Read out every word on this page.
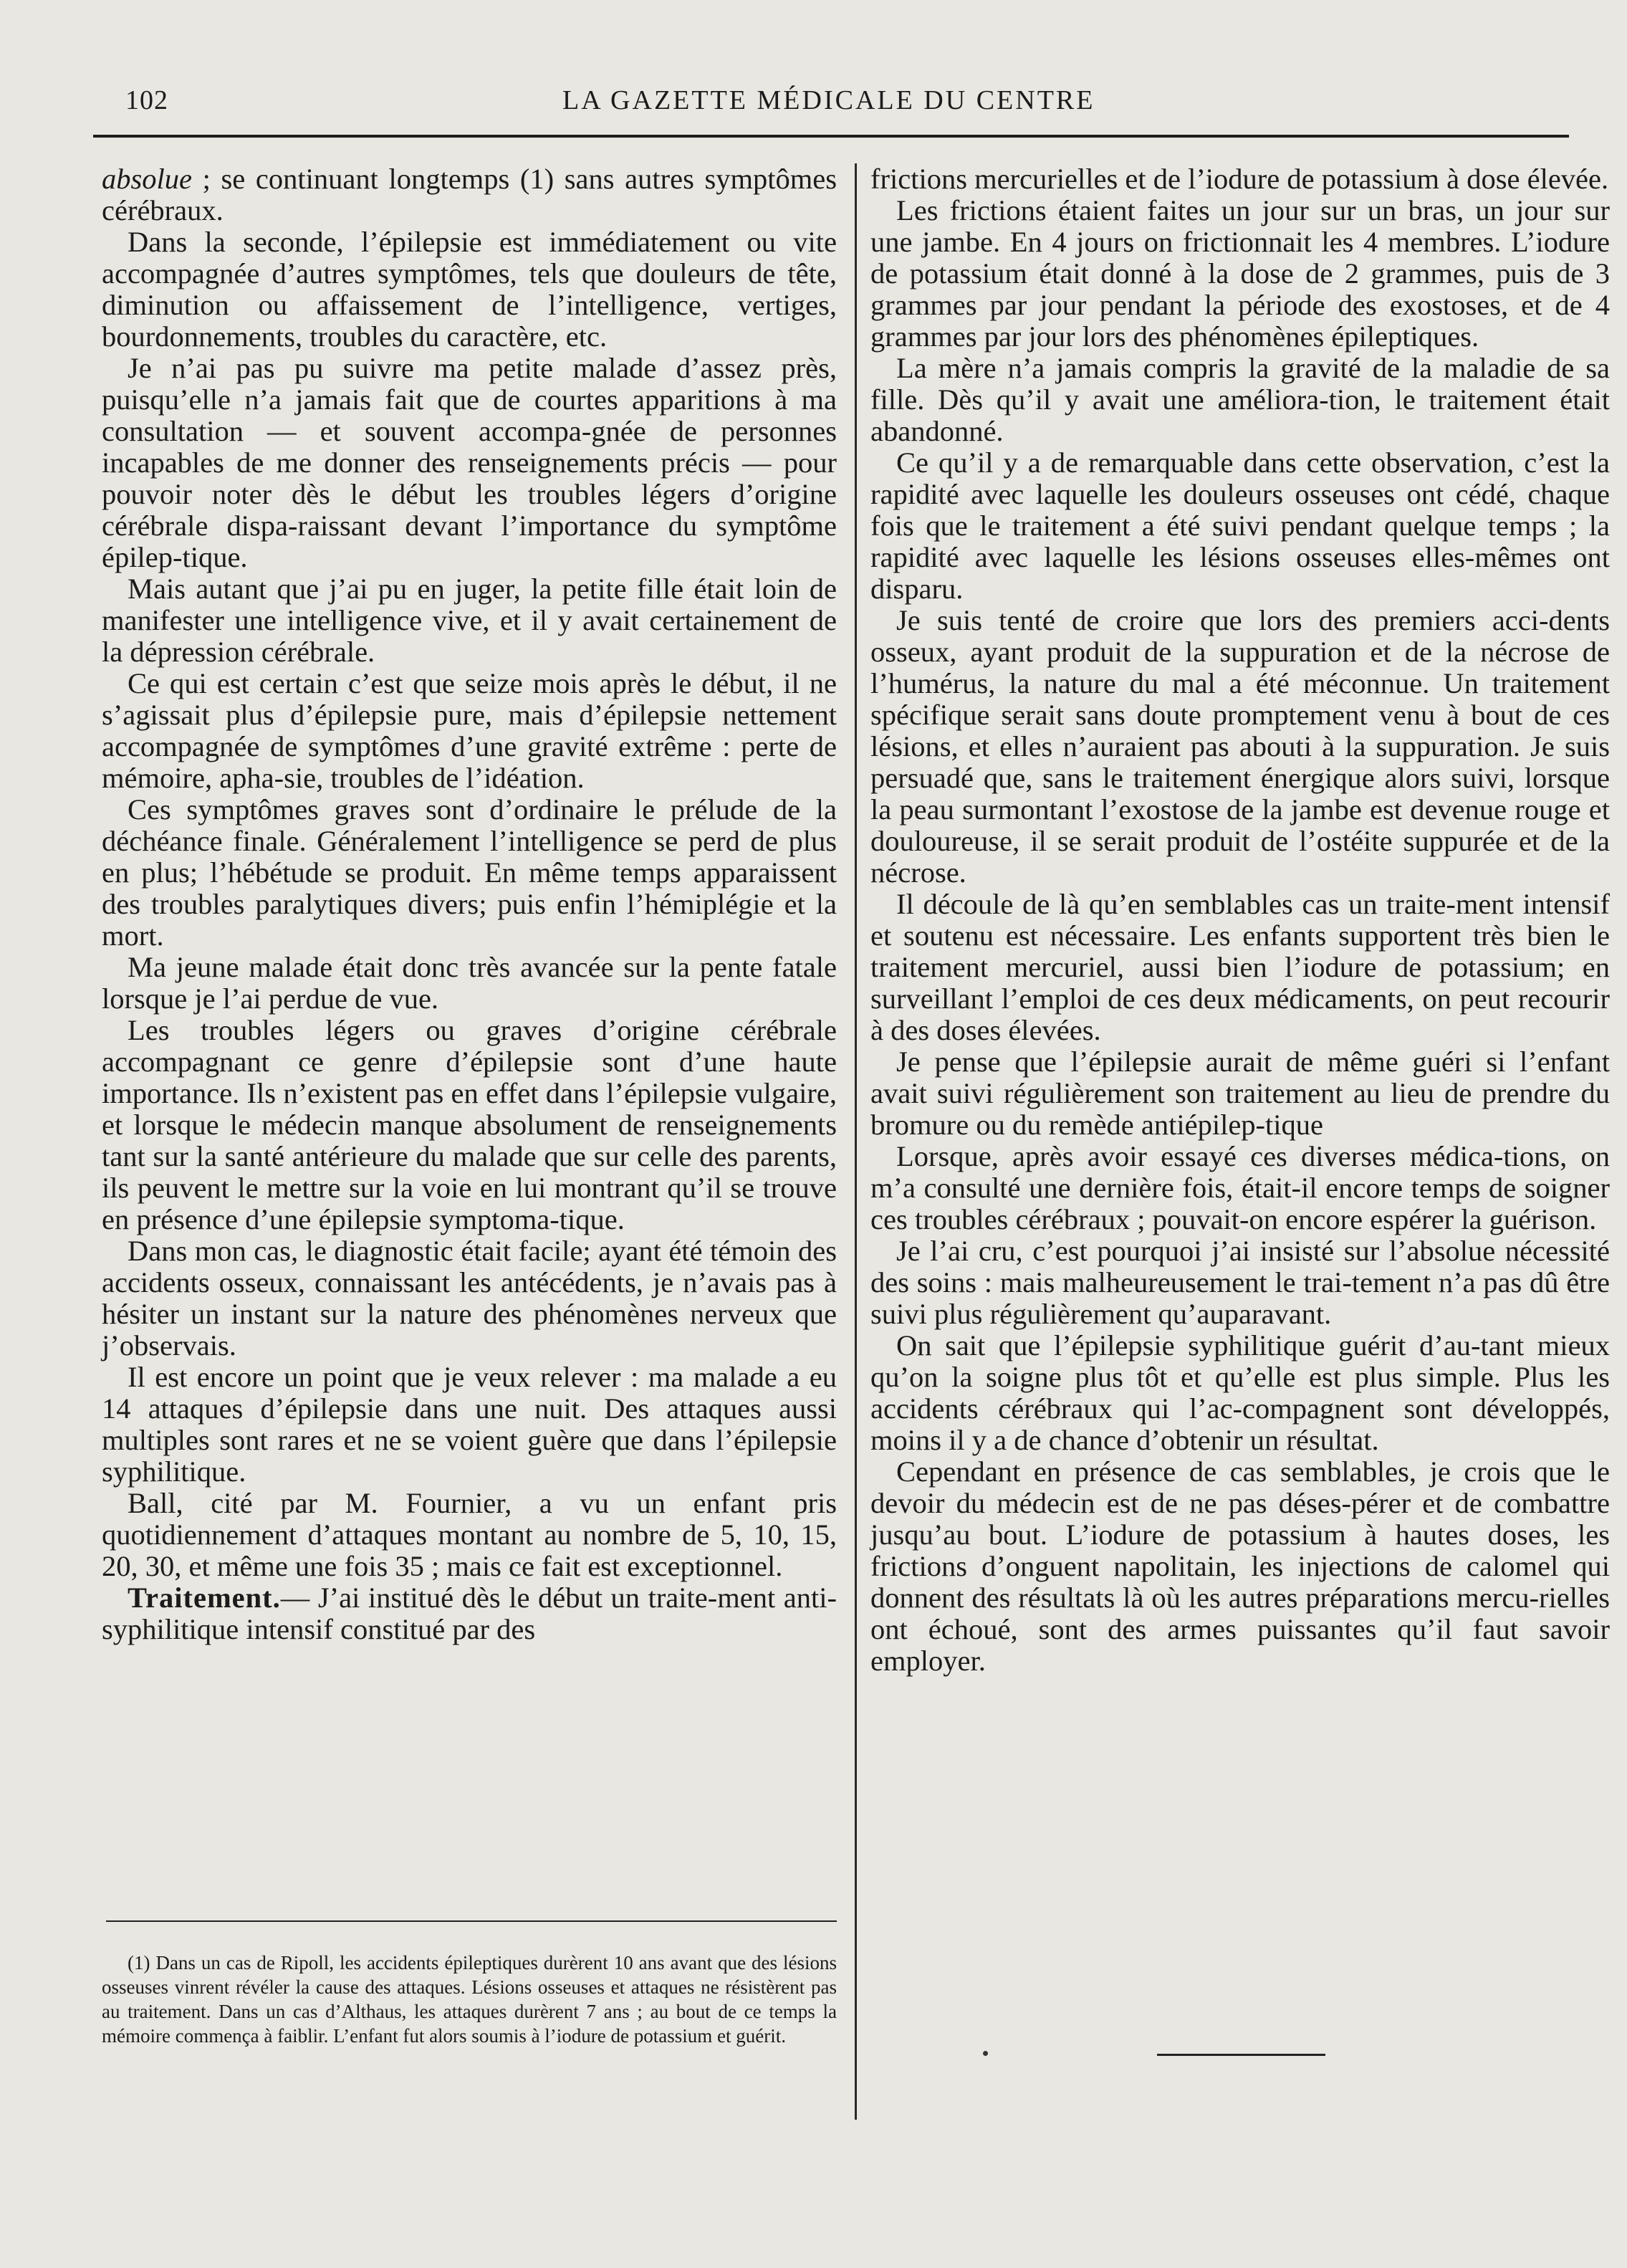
102	LA GAZETTE MÉDICALE DU CENTRE

absolue ; se continuant longtemps (1) sans autres symptômes cérébraux.

Dans la seconde, l’épilepsie est immédiatement ou vite accompagnée d’autres symptômes, tels que douleurs de tête, diminution ou affaissement de l’intelligence, vertiges, bourdonnements, troubles du caractère, etc.

Je n’ai pas pu suivre ma petite malade d’assez près, puisqu’elle n’a jamais fait que de courtes apparitions à ma consultation — et souvent accompa-gnée de personnes incapables de me donner des renseignements précis — pour pouvoir noter dès le début les troubles légers d’origine cérébrale dispa-raissant devant l’importance du symptôme épilep-tique.

Mais autant que j’ai pu en juger, la petite fille était loin de manifester une intelligence vive, et il y avait certainement de la dépression cérébrale.

Ce qui est certain c’est que seize mois après le début, il ne s’agissait plus d’épilepsie pure, mais d’épilepsie nettement accompagnée de symptômes d’une gravité extrême : perte de mémoire, apha-sie, troubles de l’idéation.

Ces symptômes graves sont d’ordinaire le prélude de la déchéance finale. Généralement l’intelligence se perd de plus en plus; l’hébétude se produit. En même temps apparaissent des troubles paralytiques divers; puis enfin l’hémiplégie et la mort.

Ma jeune malade était donc très avancée sur la pente fatale lorsque je l’ai perdue de vue.

Les troubles légers ou graves d’origine cérébrale accompagnant ce genre d’épilepsie sont d’une haute importance. Ils n’existent pas en effet dans l’épilepsie vulgaire, et lorsque le médecin manque absolument de renseignements tant sur la santé antérieure du malade que sur celle des parents, ils peuvent le mettre sur la voie en lui montrant qu’il se trouve en présence d’une épilepsie symptoma-tique.

Dans mon cas, le diagnostic était facile; ayant été témoin des accidents osseux, connaissant les antécédents, je n’avais pas à hésiter un instant sur la nature des phénomènes nerveux que j’observais.

Il est encore un point que je veux relever : ma malade a eu 14 attaques d’épilepsie dans une nuit. Des attaques aussi multiples sont rares et ne se voient guère que dans l’épilepsie syphilitique.

Ball, cité par M. Fournier, a vu un enfant pris quotidiennement d’attaques montant au nombre de 5, 10, 15, 20, 30, et même une fois 35 ; mais ce fait est exceptionnel.

Traitement.— J’ai institué dès le début un traite-ment anti-syphilitique intensif constitué par des

frictions mercurielles et de l’iodure de potassium à dose élevée.

Les frictions étaient faites un jour sur un bras, un jour sur une jambe. En 4 jours on frictionnait les 4 membres. L’iodure de potassium était donné à la dose de 2 grammes, puis de 3 grammes par jour pendant la période des exostoses, et de 4 grammes par jour lors des phénomènes épileptiques.

La mère n’a jamais compris la gravité de la maladie de sa fille. Dès qu’il y avait une améliora-tion, le traitement était abandonné.

Ce qu’il y a de remarquable dans cette observation, c’est la rapidité avec laquelle les douleurs osseuses ont cédé, chaque fois que le traitement a été suivi pendant quelque temps ; la rapidité avec laquelle les lésions osseuses elles-mêmes ont disparu.

Je suis tenté de croire que lors des premiers acci-dents osseux, ayant produit de la suppuration et de la nécrose de l’humérus, la nature du mal a été méconnue. Un traitement spécifique serait sans doute promptement venu à bout de ces lésions, et elles n’auraient pas abouti à la suppuration. Je suis persuadé que, sans le traitement énergique alors suivi, lorsque la peau surmontant l’exostose de la jambe est devenue rouge et douloureuse, il se serait produit de l’ostéite suppurée et de la nécrose.

Il découle de là qu’en semblables cas un traite-ment intensif et soutenu est nécessaire. Les enfants supportent très bien le traitement mercuriel, aussi bien l’iodure de potassium; en surveillant l’emploi de ces deux médicaments, on peut recourir à des doses élevées.

Je pense que l’épilepsie aurait de même guéri si l’enfant avait suivi régulièrement son traitement au lieu de prendre du bromure ou du remède antiépilep-tique

Lorsque, après avoir essayé ces diverses médica-tions, on m’a consulté une dernière fois, était-il encore temps de soigner ces troubles cérébraux ; pouvait-on encore espérer la guérison.

Je l’ai cru, c’est pourquoi j’ai insisté sur l’absolue nécessité des soins : mais malheureusement le trai-tement n’a pas dû être suivi plus régulièrement qu’auparavant.

On sait que l’épilepsie syphilitique guérit d’au-tant mieux qu’on la soigne plus tôt et qu’elle est plus simple. Plus les accidents cérébraux qui l’ac-compagnent sont développés, moins il y a de chance d’obtenir un résultat.

Cependant en présence de cas semblables, je crois que le devoir du médecin est de ne pas déses-pérer et de combattre jusqu’au bout. L’iodure de potassium à hautes doses, les frictions d’onguent napolitain, les injections de calomel qui donnent des résultats là où les autres préparations mercu-rielles ont échoué, sont des armes puissantes qu’il faut savoir employer.

(1) Dans un cas de Ripoll, les accidents épileptiques durèrent 10 ans avant que des lésions osseuses vinrent révéler la cause des attaques. Lésions osseuses et attaques ne résistèrent pas au traitement. Dans un cas d’Althaus, les attaques durèrent 7 ans ; au bout de ce temps la mémoire commença à faiblir. L’enfant fut alors soumis à l’iodure de potassium et guérit.
